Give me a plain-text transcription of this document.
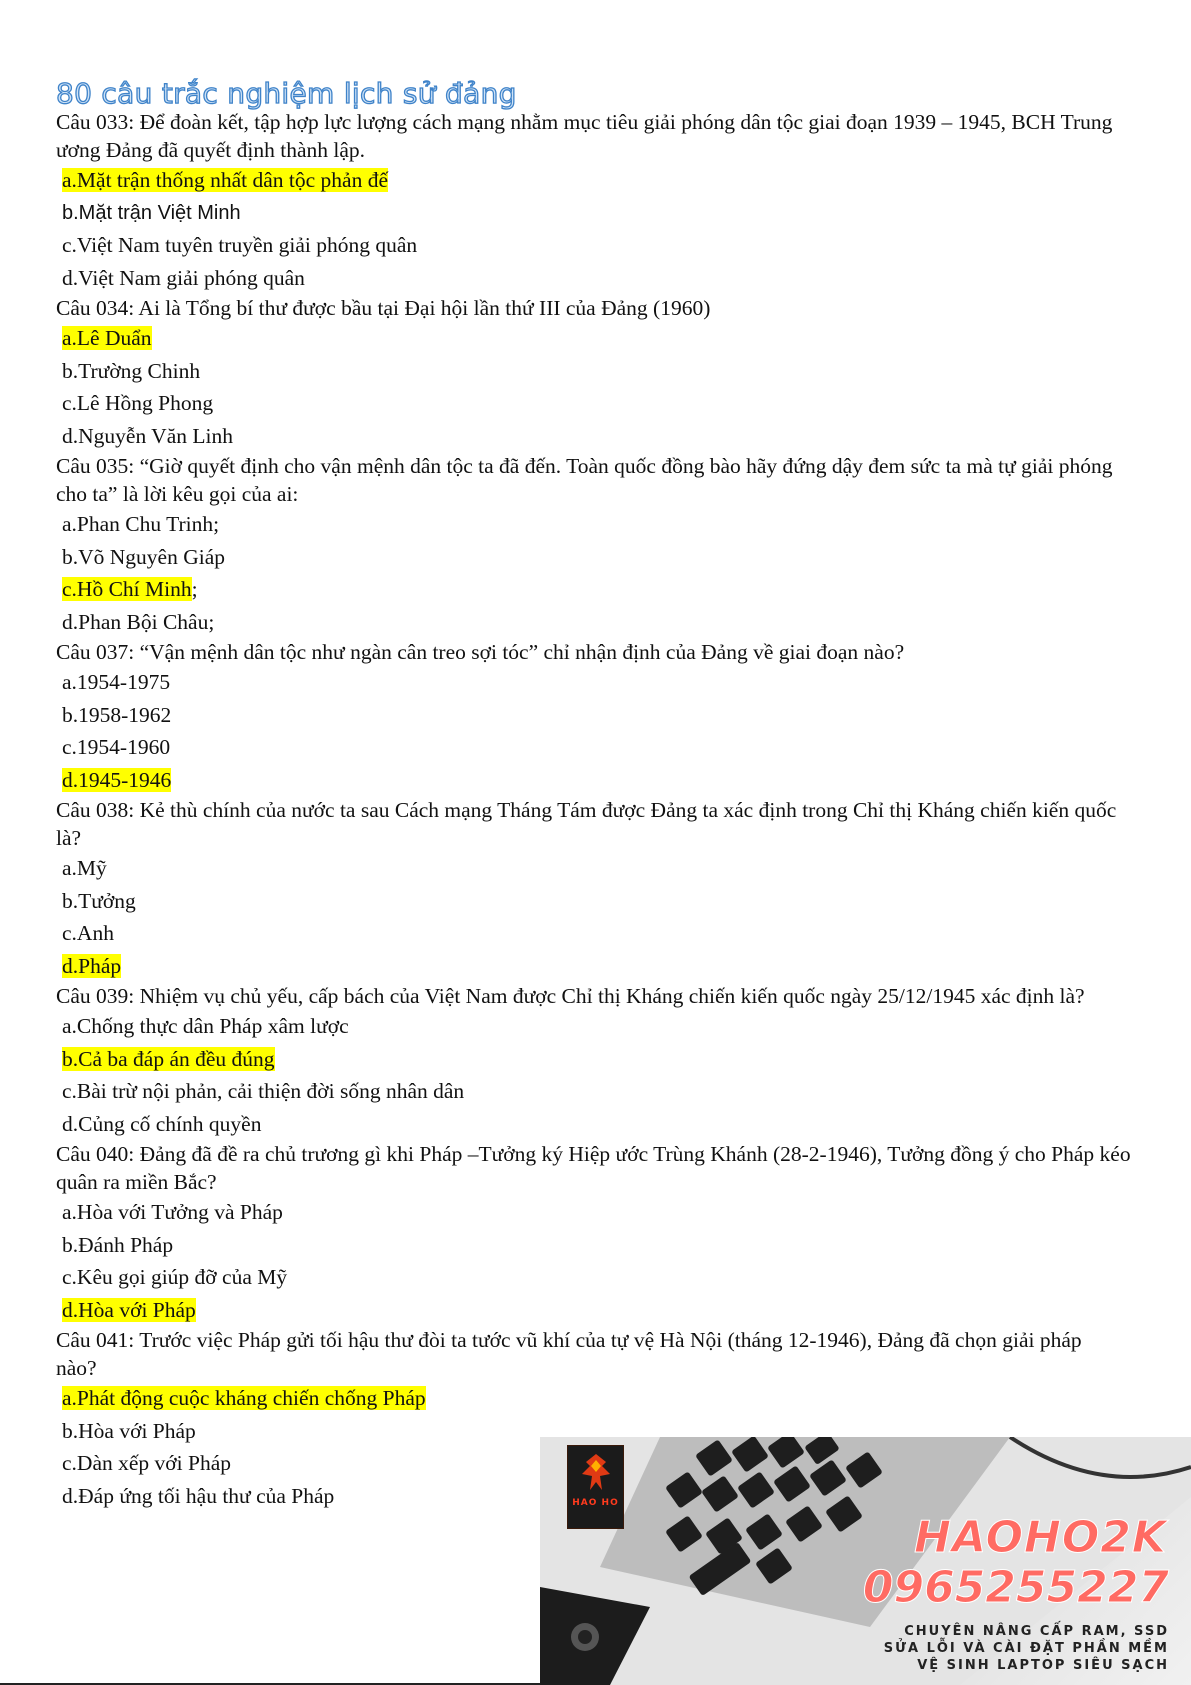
80 câu trắc nghiệm lịch sử đảng

Câu 033: Để đoàn kết, tập hợp lực lượng cách mạng nhằm mục tiêu giải phóng dân tộc giai đoạn 1939 – 1945, BCH Trung ương Đảng đã quyết định thành lập.

a.Mặt trận thống nhất dân tộc phản đế

b.Mặt trận Việt Minh

c.Việt Nam tuyên truyền giải phóng quân

d.Việt Nam giải phóng quân

Câu 034: Ai là Tổng bí thư được bầu tại Đại hội lần thứ III của Đảng (1960)

a.Lê Duẩn

b.Trường Chinh

c.Lê Hồng Phong

d.Nguyễn Văn Linh

Câu 035: “Giờ quyết định cho vận mệnh dân tộc ta đã đến. Toàn quốc đồng bào hãy đứng dậy đem sức ta mà tự giải phóng cho ta” là lời kêu gọi của ai:

a.Phan Chu Trinh;

b.Võ Nguyên Giáp

c.Hồ Chí Minh;

d.Phan Bội Châu;

Câu 037: “Vận mệnh dân tộc như ngàn cân treo sợi tóc” chỉ nhận định của Đảng về giai đoạn nào?

a.1954-1975

b.1958-1962

c.1954-1960

d.1945-1946

Câu 038: Kẻ thù chính của nước ta sau Cách mạng Tháng Tám được Đảng ta xác định trong Chỉ thị Kháng chiến kiến quốc là?

a.Mỹ

b.Tưởng

c.Anh

d.Pháp

Câu 039: Nhiệm vụ chủ yếu, cấp bách của Việt Nam được Chỉ thị Kháng chiến kiến quốc ngày 25/12/1945 xác định là?

a.Chống thực dân Pháp xâm lược

b.Cả ba đáp án đều đúng

c.Bài trừ nội phản, cải thiện đời sống nhân dân

d.Củng cố chính quyền

Câu 040: Đảng đã đề ra chủ trương gì khi Pháp –Tưởng ký Hiệp ước Trùng Khánh (28-2-1946), Tưởng đồng ý cho Pháp kéo quân ra miền Bắc?

a.Hòa với Tưởng và Pháp

b.Đánh Pháp

c.Kêu gọi giúp đỡ của Mỹ

d.Hòa với Pháp

Câu 041: Trước việc Pháp gửi tối hậu thư đòi ta tước vũ khí của tự vệ Hà Nội (tháng 12-1946), Đảng đã chọn giải pháp nào?

a.Phát động cuộc kháng chiến chống Pháp

b.Hòa với Pháp

c.Dàn xếp với Pháp

d.Đáp ứng tối hậu thư của Pháp	HAO HO
HAOHO2K
0965255227
CHUYÊN NÂNG CẤP RAM, SSD
SỬA LỖI VÀ CÀI ĐẶT PHẦN MỀM
VỆ SINH LAPTOP SIÊU SẠCH
